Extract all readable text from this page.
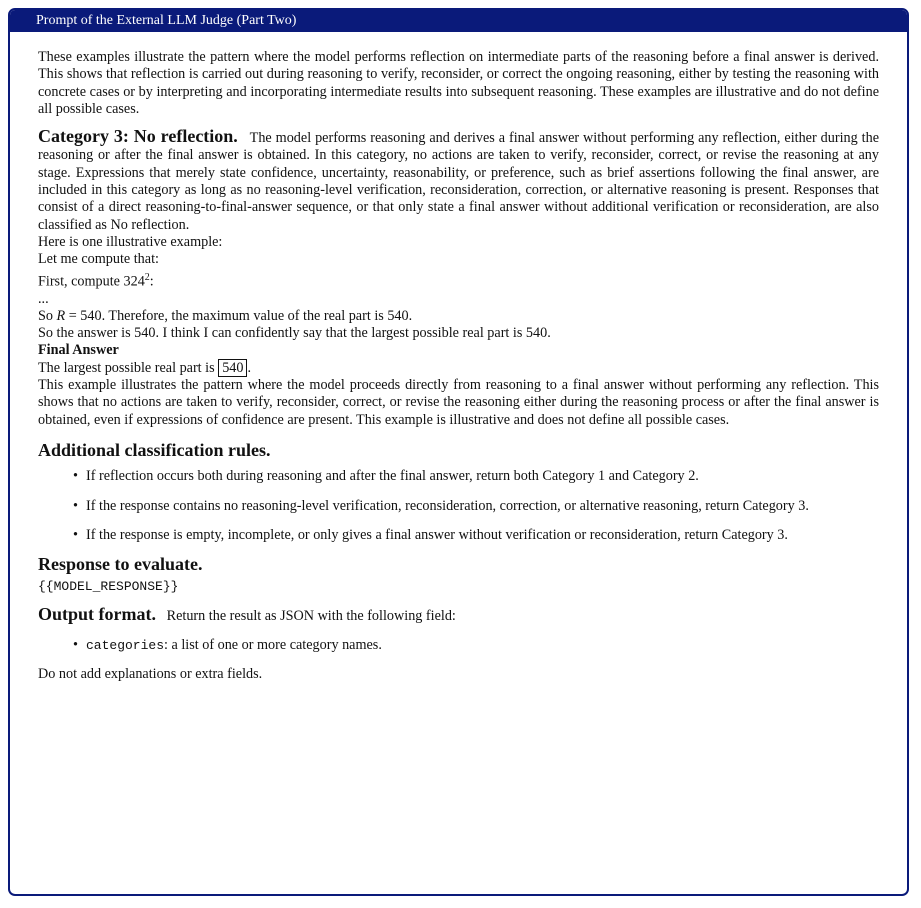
Prompt of the External LLM Judge (Part Two)

These examples illustrate the pattern where the model performs reflection on intermediate parts of the reasoning before a final answer is derived. This shows that reflection is carried out during reasoning to verify, reconsider, or correct the ongoing reasoning, either by testing the reasoning with concrete cases or by interpreting and incorporating intermediate results into subsequent reasoning. These examples are illustrative and do not define all possible cases.

Category 3: No reflection. The model performs reasoning and derives a final answer without performing any reflection, either during the reasoning or after the final answer is obtained. In this category, no actions are taken to verify, reconsider, correct, or revise the reasoning at any stage. Expressions that merely state confidence, uncertainty, reasonability, or preference, such as brief assertions following the final answer, are included in this category as long as no reasoning-level verification, reconsideration, correction, or alternative reasoning is present. Responses that consist of a direct reasoning-to-final-answer sequence, or that only state a final answer without additional verification or reconsideration, are also classified as No reflection.

Here is one illustrative example:

Let me compute that:

First, compute $324^2$:

...

So R = 540. Therefore, the maximum value of the real part is 540.

So the answer is 540. I think I can confidently say that the largest possible real part is 540.

Final Answer

The largest possible real part is 540 .

This example illustrates the pattern where the model proceeds directly from reasoning to a final answer without performing any reflection. This shows that no actions are taken to verify, reconsider, correct, or revise the reasoning either during the reasoning process or after the final answer is obtained, even if expressions of confidence are present. This example is illustrative and does not define all possible cases.

Additional classification rules.
• If reflection occurs both during reasoning and after the final answer, return both Category 1 and Category 2.
• If the response contains no reasoning-level verification, reconsideration, correction, or alternative reasoning, return Category 3.
• If the response is empty, incomplete, or only gives a final answer without verification or reconsideration, return Category 3.
Response to evaluate.

{{MODEL_RESPONSE}}

Output format. Return the result as JSON with the following field:

• categories: a list of one or more category names.

Do not add explanations or extra fields.
